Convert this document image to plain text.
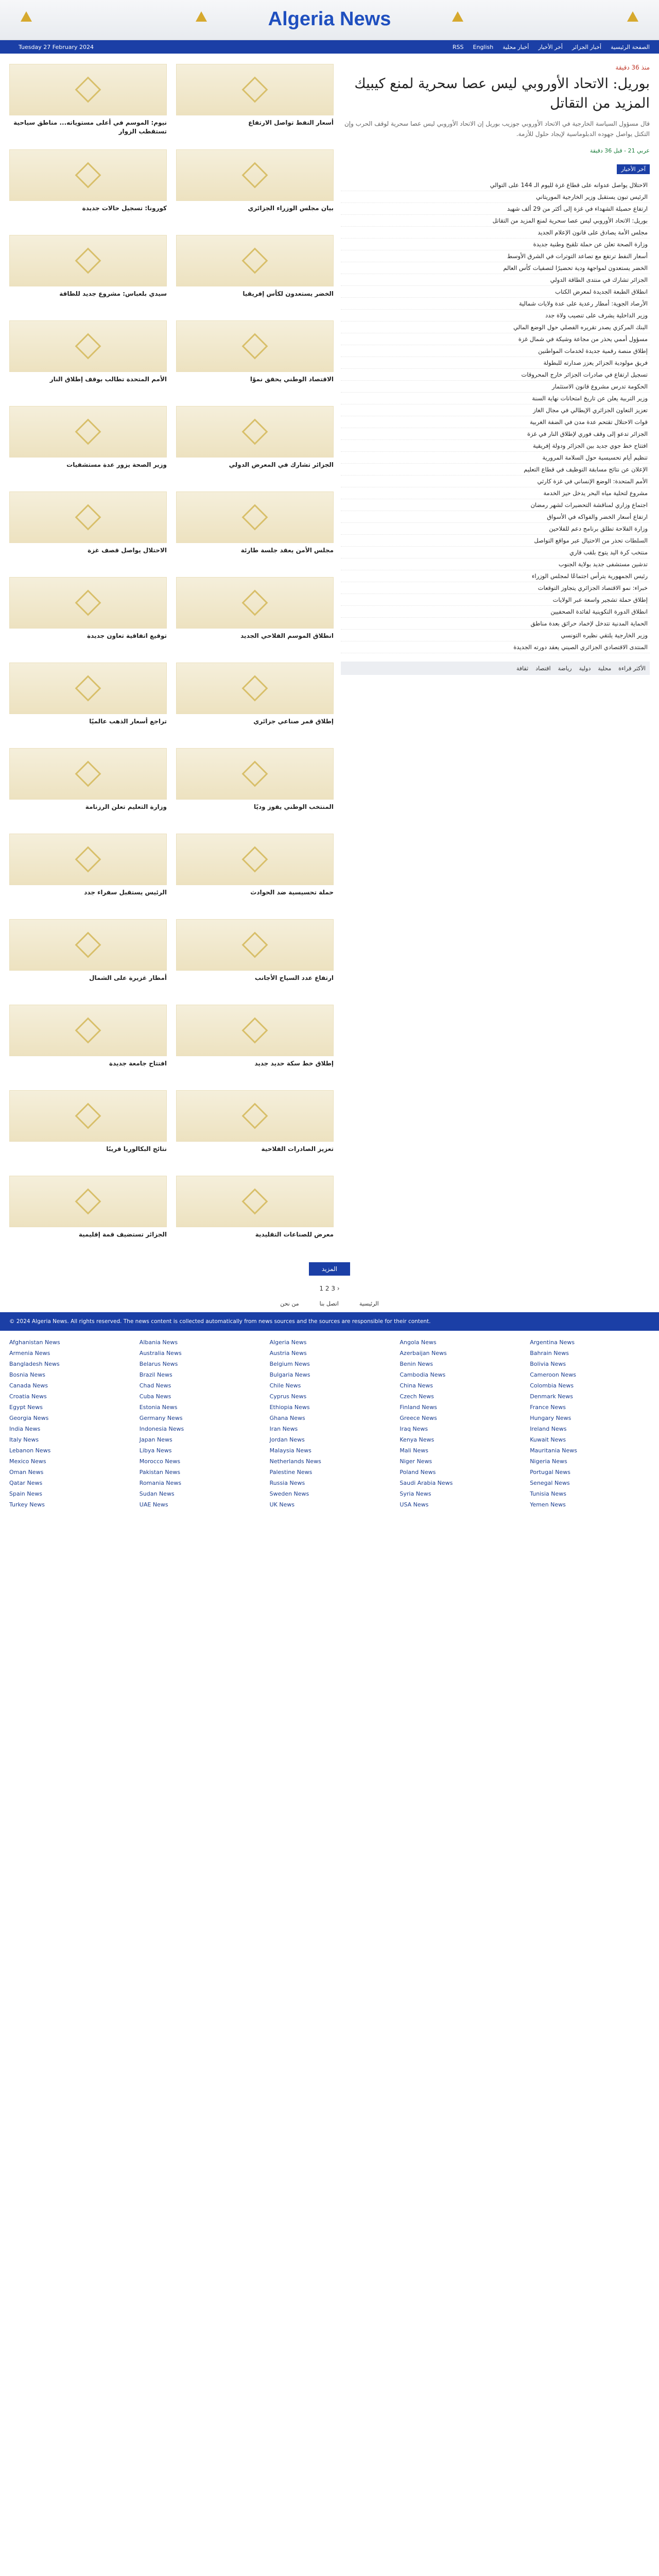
Algeria News
الصفحة الرئيسية
أخبار الجزائر
أخر الأخبار
أخبار محلية
English
RSS
Tuesday 27 February 2024
منذ 36 دقيقة
بوريل: الاتحاد الأوروبي ليس عصا سحرية لمنع كيبيك المزيد من التقاتل
قال مسؤول السياسة الخارجية في الاتحاد الأوروبي جوزيب بوريل إن الاتحاد الأوروبي ليس عصا سحرية لوقف الحرب وإن التكتل يواصل جهوده الدبلوماسية لإيجاد حلول للأزمة.
عربي 21 - قبل 36 دقيقة
آخر الأخبار
الاحتلال يواصل عدوانه على قطاع غزة لليوم الـ 144 على التوالي
الرئيس تبون يستقبل وزير الخارجية الموريتاني
ارتفاع حصيلة الشهداء في غزة إلى أكثر من 29 ألف شهيد
بوريل: الاتحاد الأوروبي ليس عصا سحرية لمنع المزيد من التقاتل
مجلس الأمة يصادق على قانون الإعلام الجديد
وزارة الصحة تعلن عن حملة تلقيح وطنية جديدة
أسعار النفط ترتفع مع تصاعد التوترات في الشرق الأوسط
الخضر يستعدون لمواجهة ودية تحضيرًا لتصفيات كأس العالم
الجزائر تشارك في منتدى الطاقة الدولي
انطلاق الطبعة الجديدة لمعرض الكتاب
الأرصاد الجوية: أمطار رعدية على عدة ولايات شمالية
وزير الداخلية يشرف على تنصيب ولاة جدد
البنك المركزي يصدر تقريره الفصلي حول الوضع المالي
مسؤول أممي يحذر من مجاعة وشيكة في شمال غزة
إطلاق منصة رقمية جديدة لخدمات المواطنين
فريق مولودية الجزائر يعزز صدارته للبطولة
تسجيل ارتفاع في صادرات الجزائر خارج المحروقات
الحكومة تدرس مشروع قانون الاستثمار
وزير التربية يعلن عن تاريخ امتحانات نهاية السنة
تعزيز التعاون الجزائري الإيطالي في مجال الغاز
قوات الاحتلال تقتحم عدة مدن في الضفة الغربية
الجزائر تدعو إلى وقف فوري لإطلاق النار في غزة
افتتاح خط جوي جديد بين الجزائر ودولة إفريقية
تنظيم أيام تحسيسية حول السلامة المرورية
الإعلان عن نتائج مسابقة التوظيف في قطاع التعليم
الأمم المتحدة: الوضع الإنساني في غزة كارثي
مشروع لتحلية مياه البحر يدخل حيز الخدمة
اجتماع وزاري لمناقشة التحضيرات لشهر رمضان
ارتفاع أسعار الخضر والفواكه في الأسواق
وزارة الفلاحة تطلق برنامج دعم للفلاحين
السلطات تحذر من الاحتيال عبر مواقع التواصل
منتخب كرة اليد يتوج بلقب قاري
تدشين مستشفى جديد بولاية الجنوب
رئيس الجمهورية يترأس اجتماعًا لمجلس الوزراء
خبراء: نمو الاقتصاد الجزائري يتجاوز التوقعات
إطلاق حملة تشجير واسعة عبر الولايات
انطلاق الدورة التكوينية لفائدة الصحفيين
الحماية المدنية تتدخل لإخماد حرائق بعدة مناطق
وزير الخارجية يلتقي نظيره التونسي
المنتدى الاقتصادي الجزائري الصيني يعقد دورته الجديدة
الأكثر قراءة
محلية
دولية
رياضة
اقتصاد
ثقافة
أسعار النفط تواصل الارتفاع
نيوم: الموسم في أعلى مستوياته... مناطق سياحية تستقطب الزوار
بيان مجلس الوزراء الجزائري
كورونا: تسجيل حالات جديدة
الخضر يستعدون لكأس إفريقيا
سيدي بلعباس: مشروع جديد للطاقة
الاقتصاد الوطني يحقق نموًا
الأمم المتحدة تطالب بوقف إطلاق النار
الجزائر تشارك في المعرض الدولي
وزير الصحة يزور عدة مستشفيات
مجلس الأمن يعقد جلسة طارئة
الاحتلال يواصل قصف غزة
انطلاق الموسم الفلاحي الجديد
توقيع اتفاقية تعاون جديدة
إطلاق قمر صناعي جزائري
تراجع أسعار الذهب عالميًا
المنتخب الوطني يفوز وديًا
وزارة التعليم تعلن الرزنامة
حملة تحسيسية ضد الحوادث
الرئيس يستقبل سفراء جدد
ارتفاع عدد السياح الأجانب
أمطار غزيرة على الشمال
إطلاق خط سكة حديد جديد
افتتاح جامعة جديدة
تعزيز الصادرات الفلاحية
نتائج البكالوريا قريبًا
معرض للصناعات التقليدية
الجزائر تستضيف قمة إقليمية
المزيد
1 2 3 ›
الرئيسية
اتصل بنا
من نحن
© 2024 Algeria News. All rights reserved. The news content is collected automatically from news sources and the sources are responsible for their content.
Afghanistan News	Albania News	Algeria News	Angola News	Argentina News
Armenia News	Australia News	Austria News	Azerbaijan News	Bahrain News
Bangladesh News	Belarus News	Belgium News	Benin News	Bolivia News
Bosnia News	Brazil News	Bulgaria News	Cambodia News	Cameroon News
Canada News	Chad News	Chile News	China News	Colombia News
Croatia News	Cuba News	Cyprus News	Czech News	Denmark News
Egypt News	Estonia News	Ethiopia News	Finland News	France News
Georgia News	Germany News	Ghana News	Greece News	Hungary News
India News	Indonesia News	Iran News	Iraq News	Ireland News
Italy News	Japan News	Jordan News	Kenya News	Kuwait News
Lebanon News	Libya News	Malaysia News	Mali News	Mauritania News
Mexico News	Morocco News	Netherlands News	Niger News	Nigeria News
Oman News	Pakistan News	Palestine News	Poland News	Portugal News
Qatar News	Romania News	Russia News	Saudi Arabia News	Senegal News
Spain News	Sudan News	Sweden News	Syria News	Tunisia News
Turkey News	UAE News	UK News	USA News	Yemen News
